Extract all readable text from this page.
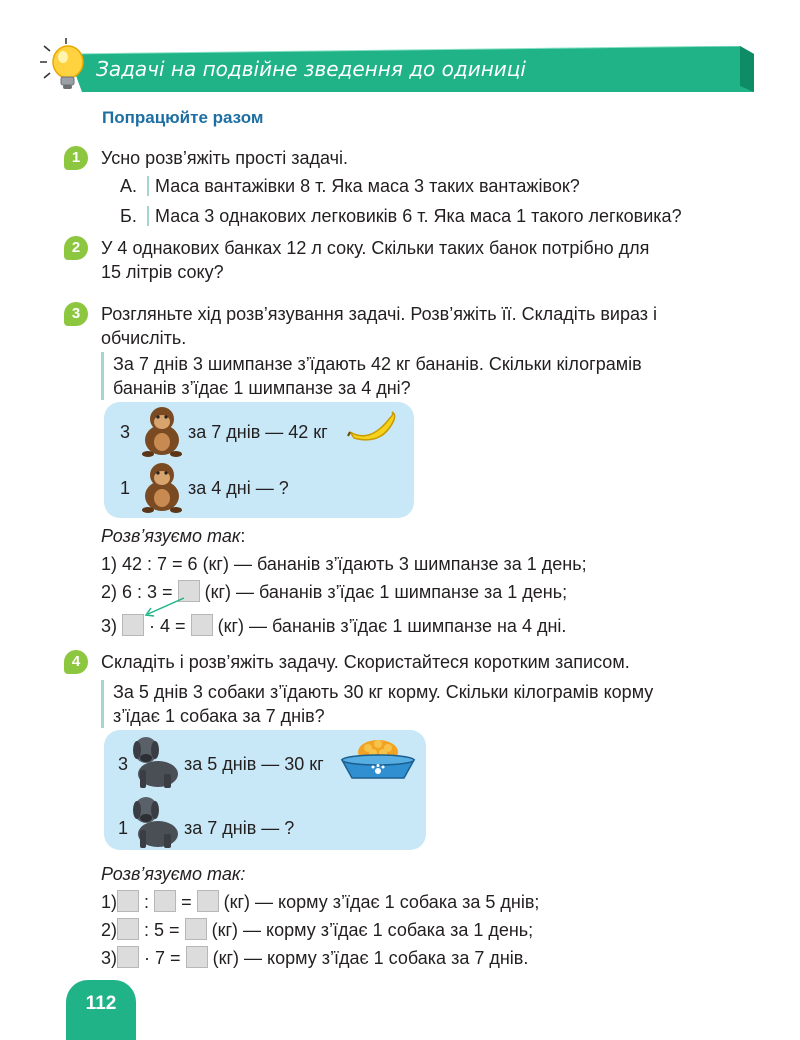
Задачі на подвійне зведення до одиниці
Попрацюйте разом
1	Усно розв’яжіть прості задачі.
А. Маса вантажівки 8 т. Яка маса 3 таких вантажівок?
Б. Маса 3 однакових легковиків 6 т. Яка маса 1 такого легковика?
2	У 4 однакових банках 12 л соку. Скільки таких банок потрібно для
15 літрів соку?
3	Розгляньте хід розв’язування задачі. Розв’яжіть її. Складіть вираз і
обчисліть.
За 7 днів 3 шимпанзе з’їдають 42 кг бананів. Скільки кілограмів
бананів з’їдає 1 шимпанзе за 4 дні?
3	за 7 днів — 42 кг
1	за 4 дні — ?
Розв’язуємо так:
1) 42 : 7 = 6 (кг) — бананів з’їдають 3 шимпанзе за 1 день;
2) 6 : 3 = (кг) — бананів з’їдає 1 шимпанзе за 1 день;
3) · 4 = (кг) — бананів з’їдає 1 шимпанзе на 4 дні.
4	Складіть і розв’яжіть задачу. Скористайтеся коротким записом.
За 5 днів 3 собаки з’їдають 30 кг корму. Скільки кілограмів корму
з’їдає 1 собака за 7 днів?
3	за 5 днів — 30 кг
1	за 7 днів — ?
Розв’язуємо так:
1) : = (кг) — корму з’їдає 1 собака за 5 днів;
2) : 5 = (кг) — корму з’їдає 1 собака за 1 день;
3) · 7 = (кг) — корму з’їдає 1 собака за 7 днів.
112
